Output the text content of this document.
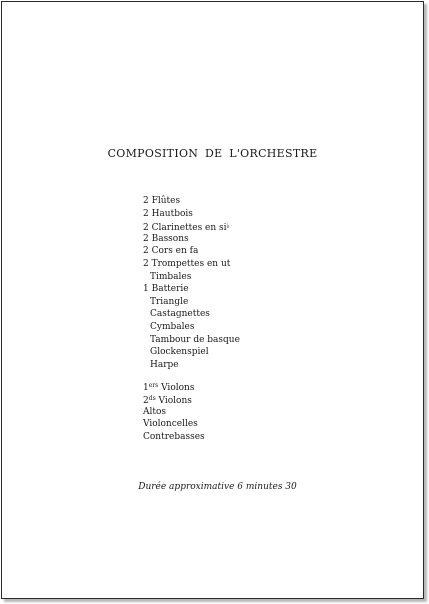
COMPOSITION DE L'ORCHESTRE
2 Flûtes
2 Hautbois
2 Clarinettes en si♭
2 Bassons
2 Cors en fa
2 Trompettes en ut
Timbales
1 Batterie
Triangle
Castagnettes
Cymbales
Tambour de basque
Glockenspiel
Harpe
1ers Violons
$2^{ds}$ Violons
Altos
Violoncelles
Contrebasses
Durée approximative 6 minutes 30
